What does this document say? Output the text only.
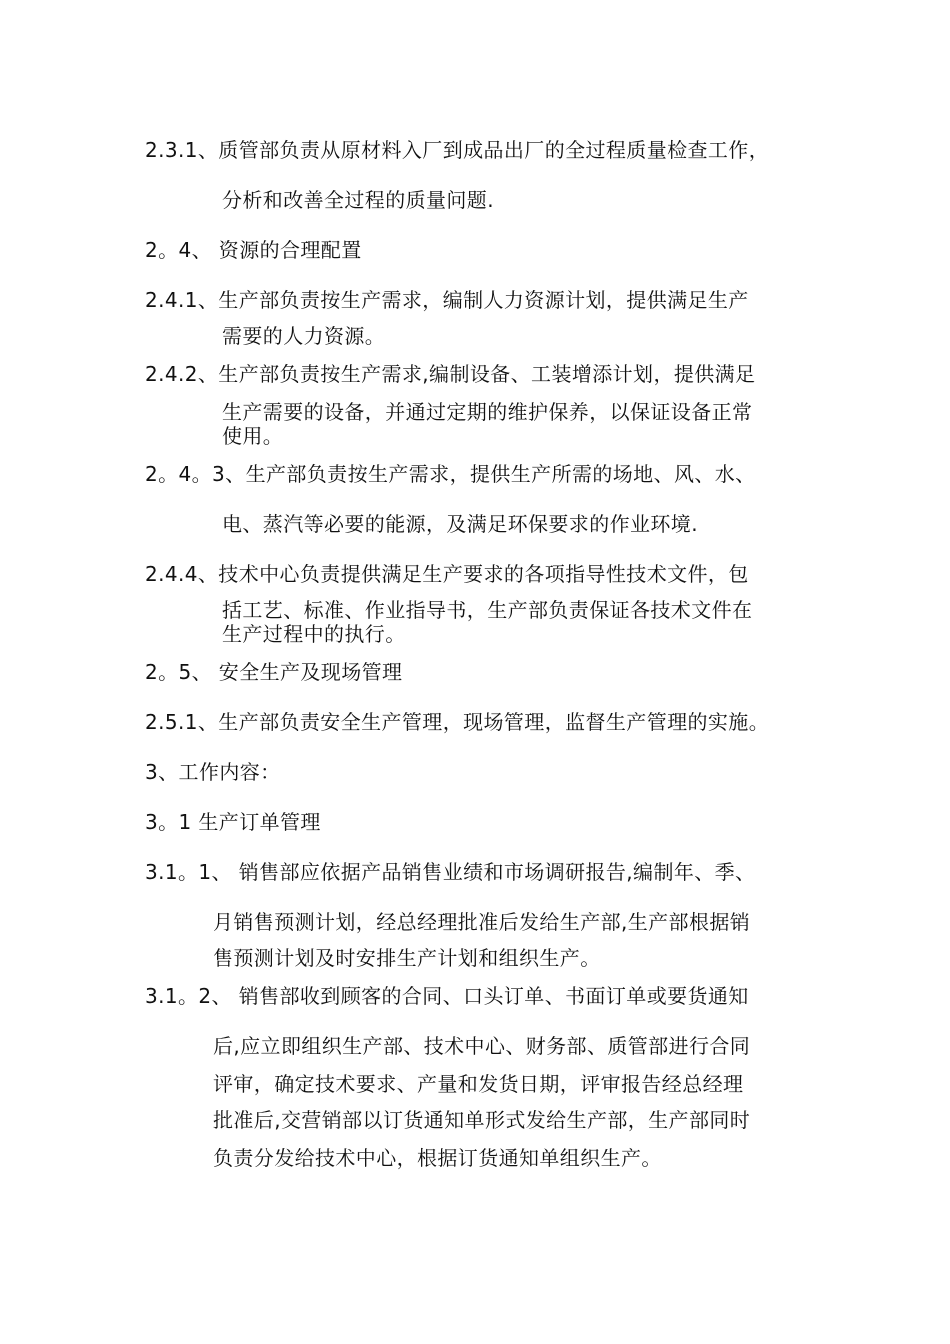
2.3.1、质管部负责从原材料入厂到成品出厂的全过程质量检查工作，
分析和改善全过程的质量问题.
2。4、 资源的合理配置
2.4.1、生产部负责按生产需求，编制人力资源计划，提供满足生产
需要的人力资源。
2.4.2、生产部负责按生产需求,编制设备、工装增添计划，提供满足
生产需要的设备，并通过定期的维护保养，以保证设备正常
使用。
2。4。3、生产部负责按生产需求，提供生产所需的场地、风、水、
电、蒸汽等必要的能源，及满足环保要求的作业环境.
2.4.4、技术中心负责提供满足生产要求的各项指导性技术文件，包
括工艺、标准、作业指导书，生产部负责保证各技术文件在
生产过程中的执行。
2。5、 安全生产及现场管理
2.5.1、生产部负责安全生产管理，现场管理，监督生产管理的实施。
3、工作内容：
3。1 生产订单管理
3.1。1、 销售部应依据产品销售业绩和市场调研报告,编制年、季、
月销售预测计划，经总经理批准后发给生产部,生产部根据销
售预测计划及时安排生产计划和组织生产。
3.1。2、 销售部收到顾客的合同、口头订单、书面订单或要货通知
后,应立即组织生产部、技术中心、财务部、质管部进行合同
评审，确定技术要求、产量和发货日期，评审报告经总经理
批准后,交营销部以订货通知单形式发给生产部，生产部同时
负责分发给技术中心，根据订货通知单组织生产。
